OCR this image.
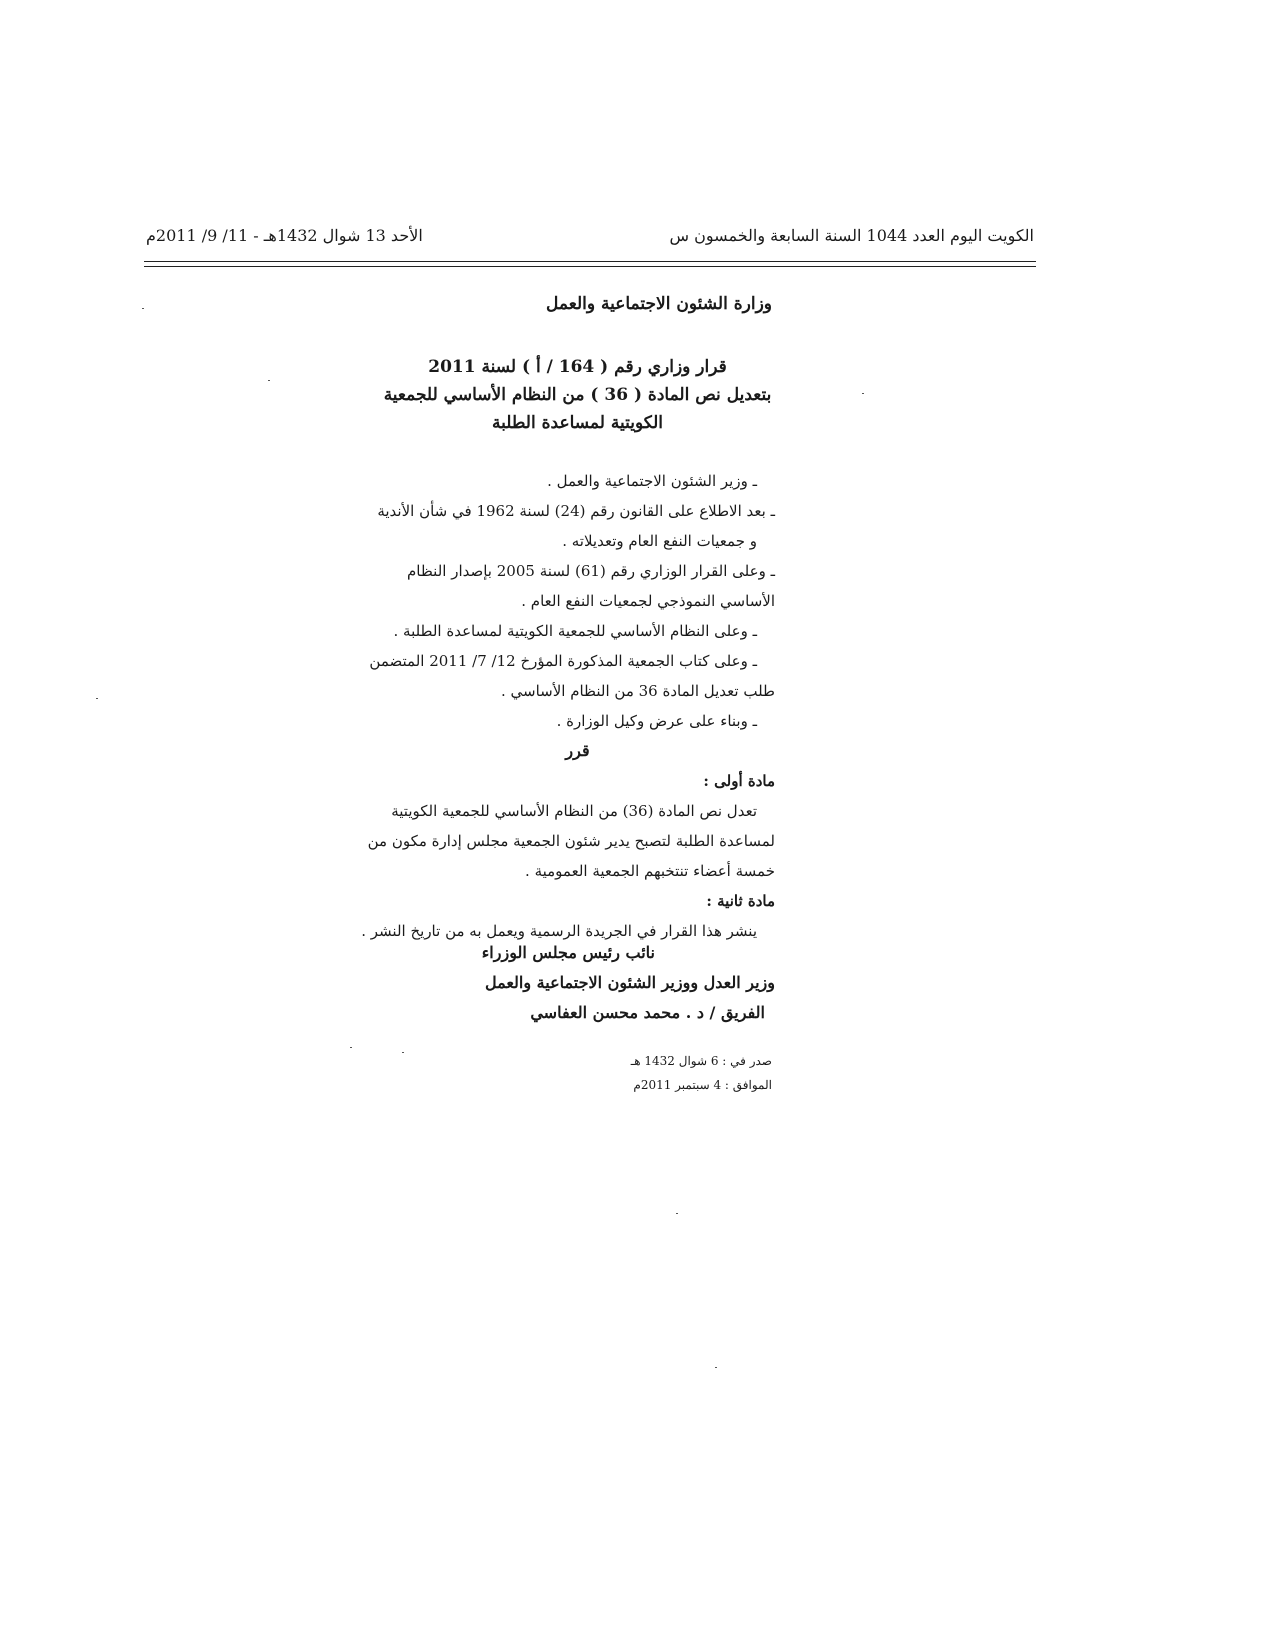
الكويت اليوم العدد 1044 السنة السابعة والخمسون س
الأحد 13 شوال 1432هـ - 11/ 9/ 2011م
وزارة الشئون الاجتماعية والعمل
قرار وزاري رقم ( 164 / أ ) لسنة 2011
بتعديل نص المادة ( 36 ) من النظام الأساسي للجمعية
الكويتية لمساعدة الطلبة

ـ وزير الشئون الاجتماعية والعمل .

ـ بعد الاطلاع على القانون رقم (24) لسنة 1962 في شأن الأندية

و جمعيات النفع العام وتعديلاته .

ـ وعلى القرار الوزاري رقم (61) لسنة 2005 بإصدار النظام

الأساسي النموذجي لجمعيات النفع العام .

ـ وعلى النظام الأساسي للجمعية الكويتية لمساعدة الطلبة .

ـ وعلى كتاب الجمعية المذكورة المؤرخ 12/ 7/ 2011 المتضمن

طلب تعديل المادة 36 من النظام الأساسي .

ـ وبناء على عرض وكيل الوزارة .

قرر

مادة أولى :

تعدل نص المادة (36) من النظام الأساسي للجمعية الكويتية

لمساعدة الطلبة لتصبح يدير شئون الجمعية مجلس إدارة مكون من

خمسة أعضاء تنتخبهم الجمعية العمومية .

مادة ثانية :

ينشر هذا القرار في الجريدة الرسمية ويعمل به من تاريخ النشر .

نائب رئيس مجلس الوزراء
وزير العدل ووزير الشئون الاجتماعية والعمل
الفريق / د . محمد محسن العفاسي
صدر في : 6 شوال 1432 هـ
الموافق : 4 سبتمبر 2011م
